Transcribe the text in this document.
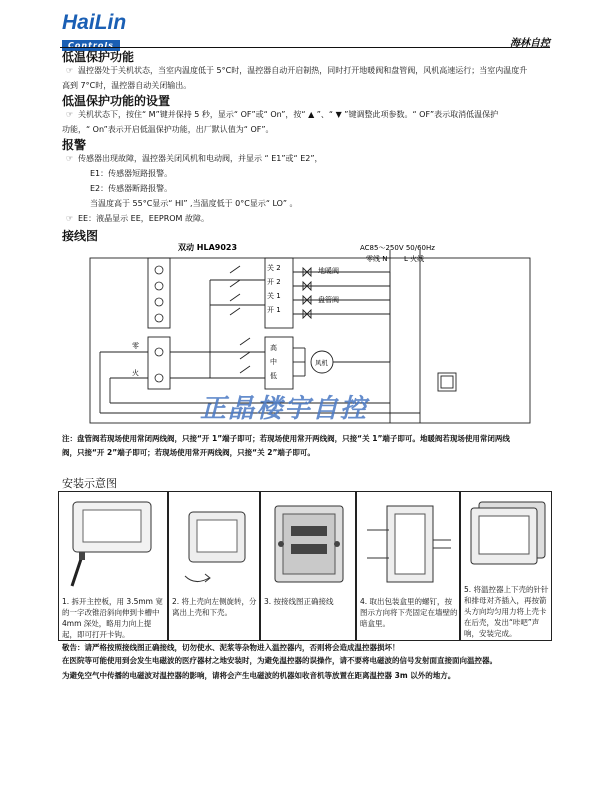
HaiLin
Controls	海林自控
低温保护功能
☞ 温控器处于关机状态，当室内温度低于 5°C时，温控器自动开启制热，同时打开地暖阀和盘管阀，风机高速运行；当室内温度升
高到 7°C时，温控器自动关闭输出。
低温保护功能的设置
☞ 关机状态下，按住“ M”键并保持 5 秒，显示“ OF”或“ On”，按“ ▲ ”、“ ▼ ”键调整此项参数。“ OF”表示取消低温保护
功能，“ On”表示开启低温保护功能，出厂默认值为“ OF”。
报警
☞ 传感器出现故障，温控器关闭风机和电动阀，并显示 “ E1”或“ E2”，
E1：传感器短路报警。
E2：传感器断路报警。
当温度高于 55°C显示“ HI” ,当温度低于 0°C显示“ LO” 。
☞ EE：液晶显示 EE，EEPROM 故障。
接线图
双动 HLA9023	AC85～250V 50/60Hz
零线 N L 火线
关 2
开 2
关 1
开 1
地暖阀
盘管阀
高
中
低
风机
零
火
正晶楼宇自控
注：盘管阀若现场使用常闭两线阀，只接“开 1”端子即可；若现场使用常开两线阀，只接“关 1”端子即可。地暖阀若现场使用常闭两线
阀，只接“开 2”端子即可；若现场使用常开两线阀，只接“关 2”端子即可。
安装示意图
1. 拆开主控板，用 3.5mm 宽的一字改锥沿斜向伸到卡槽中 4mm 深处，略用力向上提起，即可打开卡钩。
2. 将上壳向左侧旋转，分离出上壳和下壳。
3. 按接线图正确接线	4. 取出包装盒里的螺钉，按图示方向将下壳固定在墙壁的暗盒里。
5. 将温控器上下壳的针针和排母对齐插入，再按箭头方向均匀用力将上壳卡在后壳，发出“咔吧”声响，安装完成。
敬告：请严格按照接线图正确接线，切勿使水、泥浆等杂物进入温控器内，否则将会造成温控器损坏！
在医院等可能使用到会发生电磁波的医疗器材之地安装时，为避免温控器的误操作，请不要将电磁波的信号发射面直接面向温控器。
为避免空气中传播的电磁波对温控器的影响，请将会产生电磁波的机器如收音机等放置在距离温控器 3m 以外的地方。
